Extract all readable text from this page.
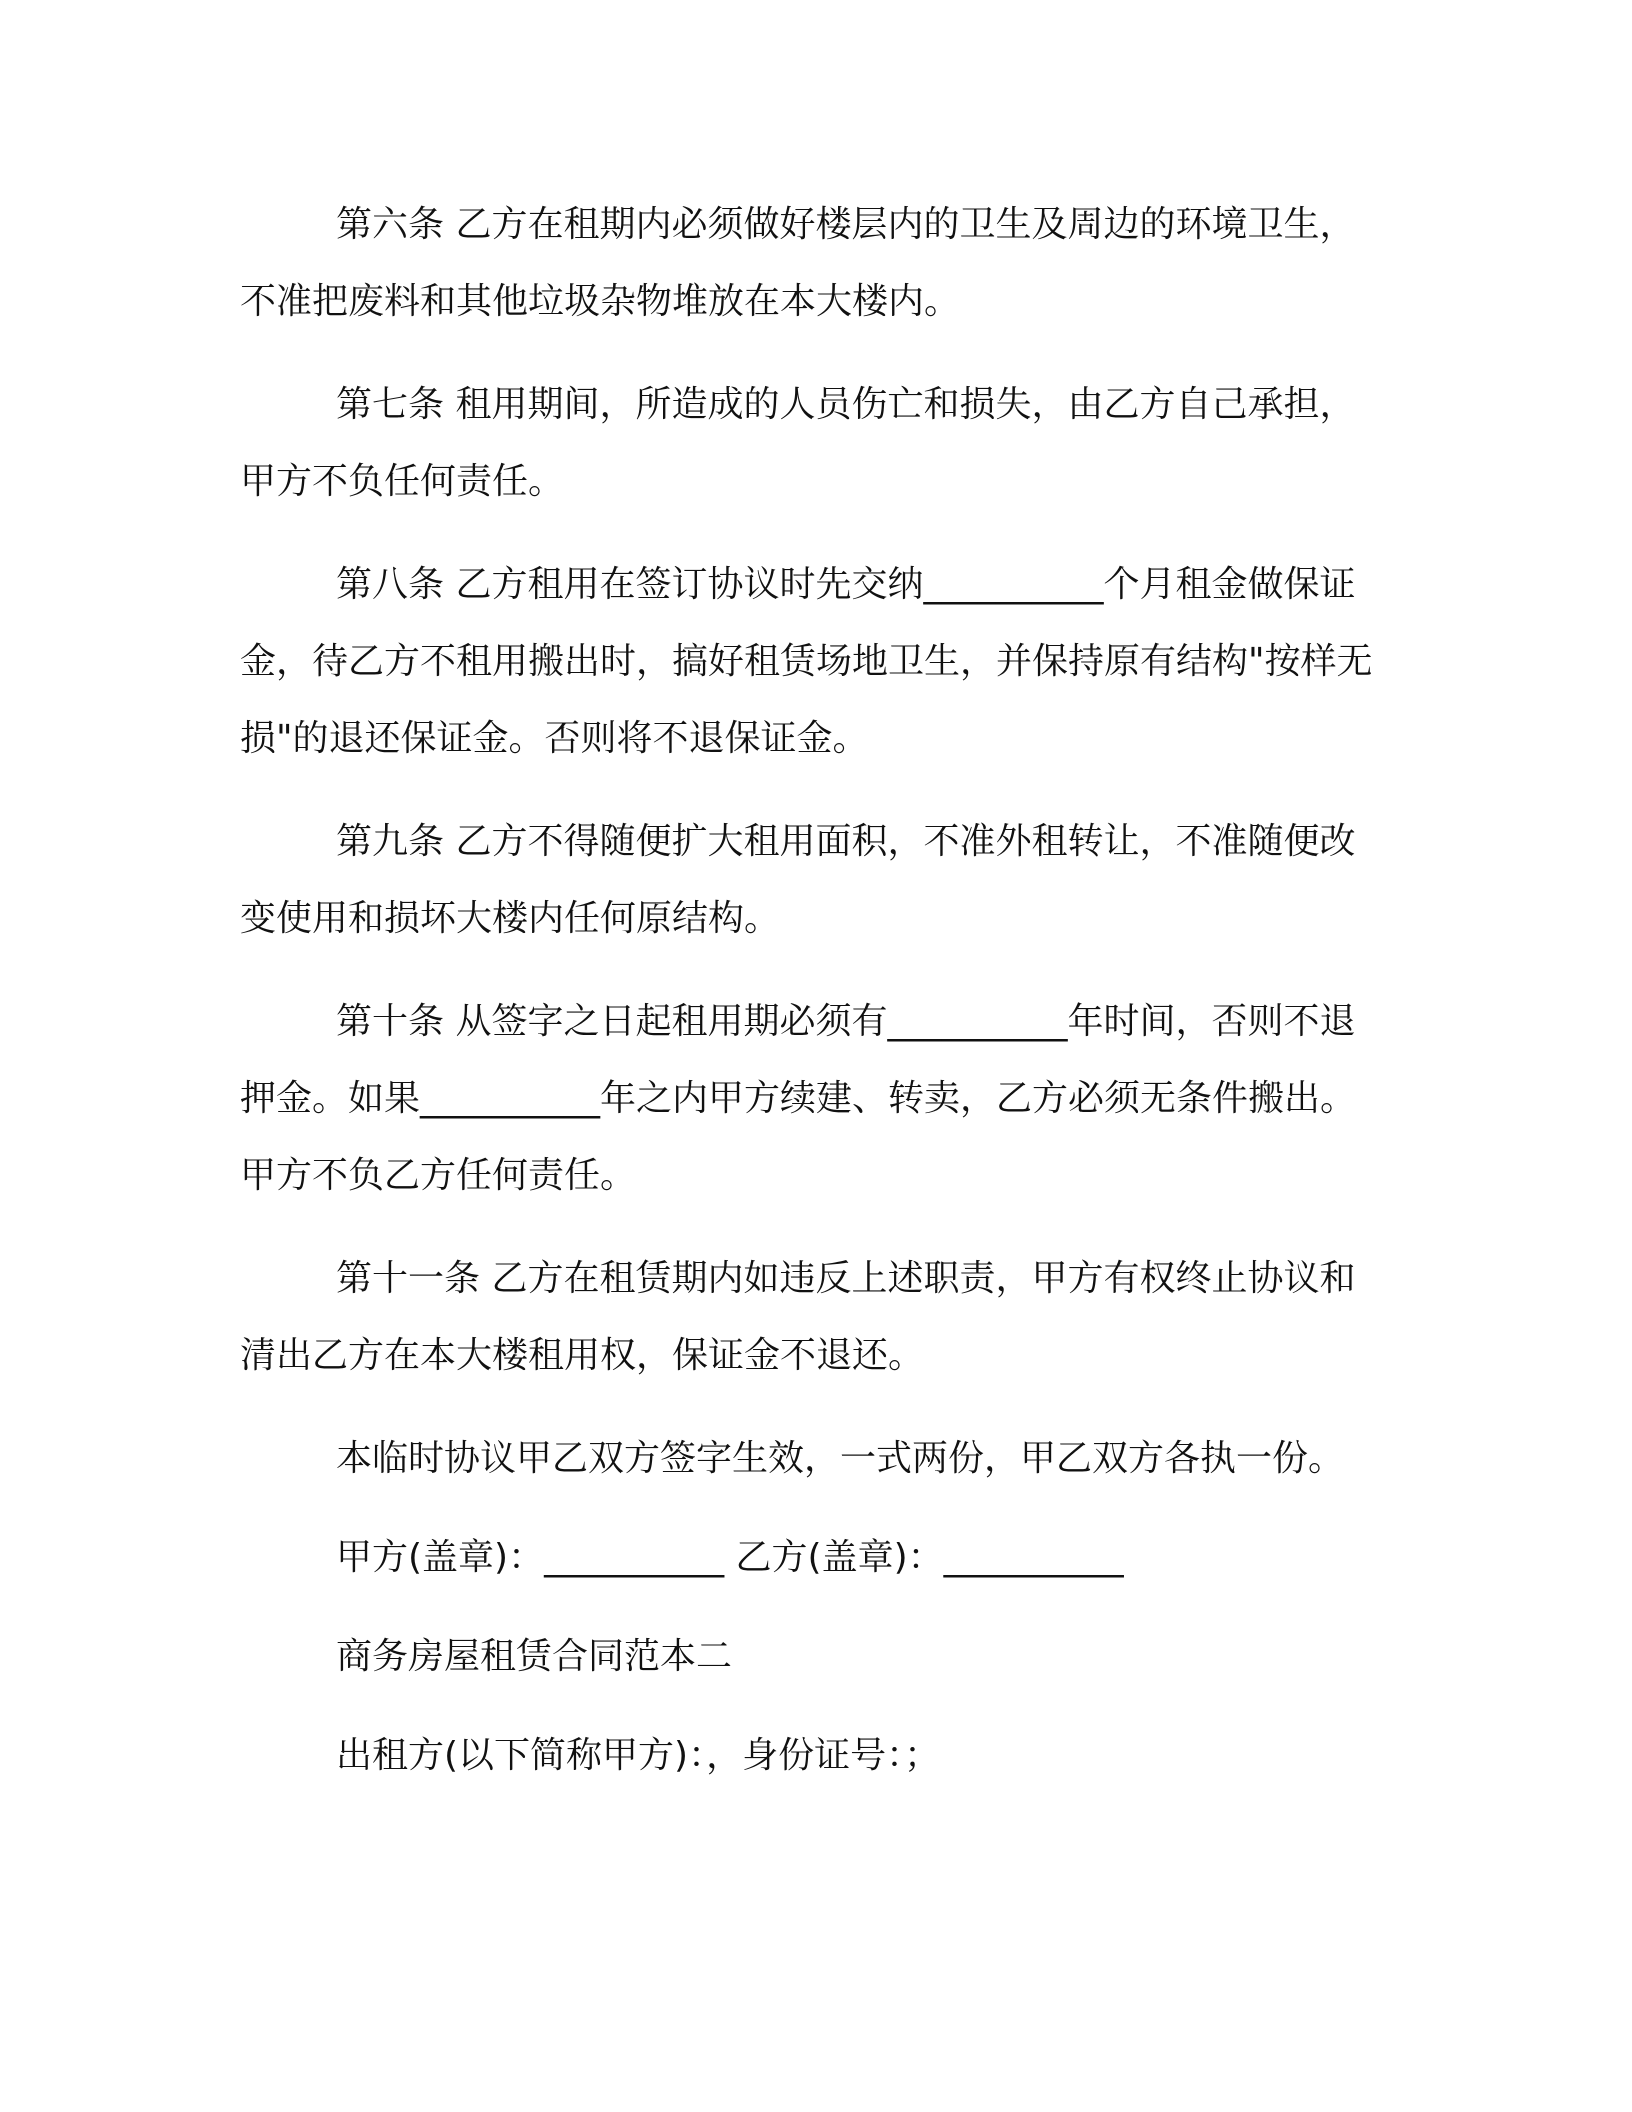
第六条 乙方在租期内必须做好楼层内的卫生及周边的环境卫生，不准把废料和其他垃圾杂物堆放在本大楼内。

第七条 租用期间，所造成的人员伤亡和损失，由乙方自己承担，甲方不负任何责任。

第八条 乙方租用在签订协议时先交纳__________个月租金做保证金，待乙方不租用搬出时，搞好租赁场地卫生，并保持原有结构"按样无损"的退还保证金。否则将不退保证金。

第九条 乙方不得随便扩大租用面积，不准外租转让，不准随便改变使用和损坏大楼内任何原结构。

第十条 从签字之日起租用期必须有__________年时间，否则不退押金。如果__________年之内甲方续建、转卖，乙方必须无条件搬出。甲方不负乙方任何责任。

第十一条 乙方在租赁期内如违反上述职责，甲方有权终止协议和清出乙方在本大楼租用权，保证金不退还。

本临时协议甲乙双方签字生效，一式两份，甲乙双方各执一份。

甲方(盖章)：__________ 乙方(盖章)：__________

商务房屋租赁合同范本二

出租方(以下简称甲方)：，身份证号：；
